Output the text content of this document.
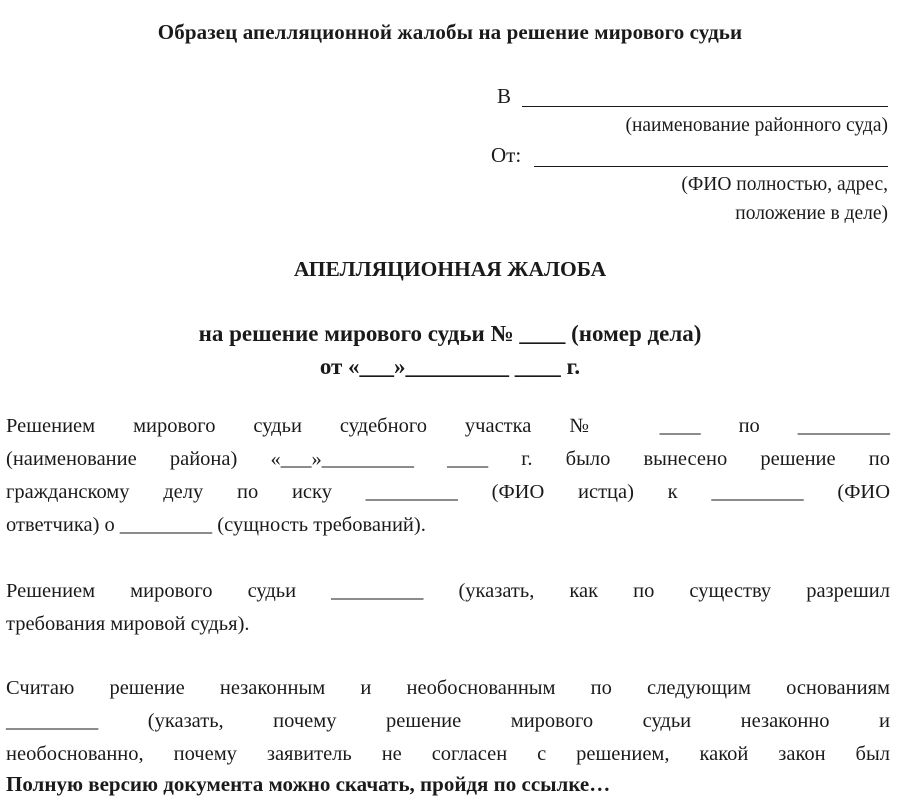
Образец апелляционной жалобы на решение мирового судьи
В
(наименование районного суда)
От:
(ФИО полностью, адрес,
положение в деле)
АПЕЛЛЯЦИОННАЯ ЖАЛОБА
на решение мирового судьи № ____ (номер дела)
от «___»_________ ____ г.
Решением мирового судьи судебного участка № ____ по _________
(наименование района) «___»_________ ____ г. было вынесено решение по
гражданскому делу по иску _________ (ФИО истца) к _________ (ФИО
ответчика) о _________ (сущность требований).
Решением мирового судьи _________ (указать, как по существу разрешил
требования мировой судья).
Считаю решение незаконным и необоснованным по следующим основаниям
_________ (указать, почему решение мирового судьи незаконно и
необоснованно, почему заявитель не согласен с решением, какой закон был
Полную версию документа можно скачать, пройдя по ссылке…
